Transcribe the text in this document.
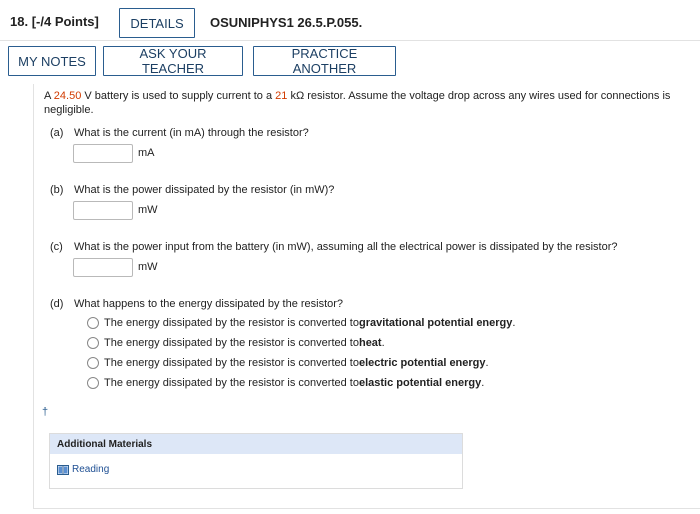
18. [-/4 Points]	DETAILS	OSUNIPHYS1 26.5.P.055.
MY NOTES	ASK YOUR TEACHER
PRACTICE ANOTHER
A 24.50 V battery is used to supply current to a 21 kΩ resistor. Assume the voltage drop across any wires used for connections is negligible.
(a) What is the current (in mA) through the resistor?
mA
(b) What is the power dissipated by the resistor (in mW)?
mW
(c) What is the power input from the battery (in mW), assuming all the electrical power is dissipated by the resistor?
mW
(d) What happens to the energy dissipated by the resistor?
The energy dissipated by the resistor is converted to gravitational potential energy .
The energy dissipated by the resistor is converted to heat .
The energy dissipated by the resistor is converted to electric potential energy .
The energy dissipated by the resistor is converted to elastic potential energy .
†
Additional Materials
Reading
